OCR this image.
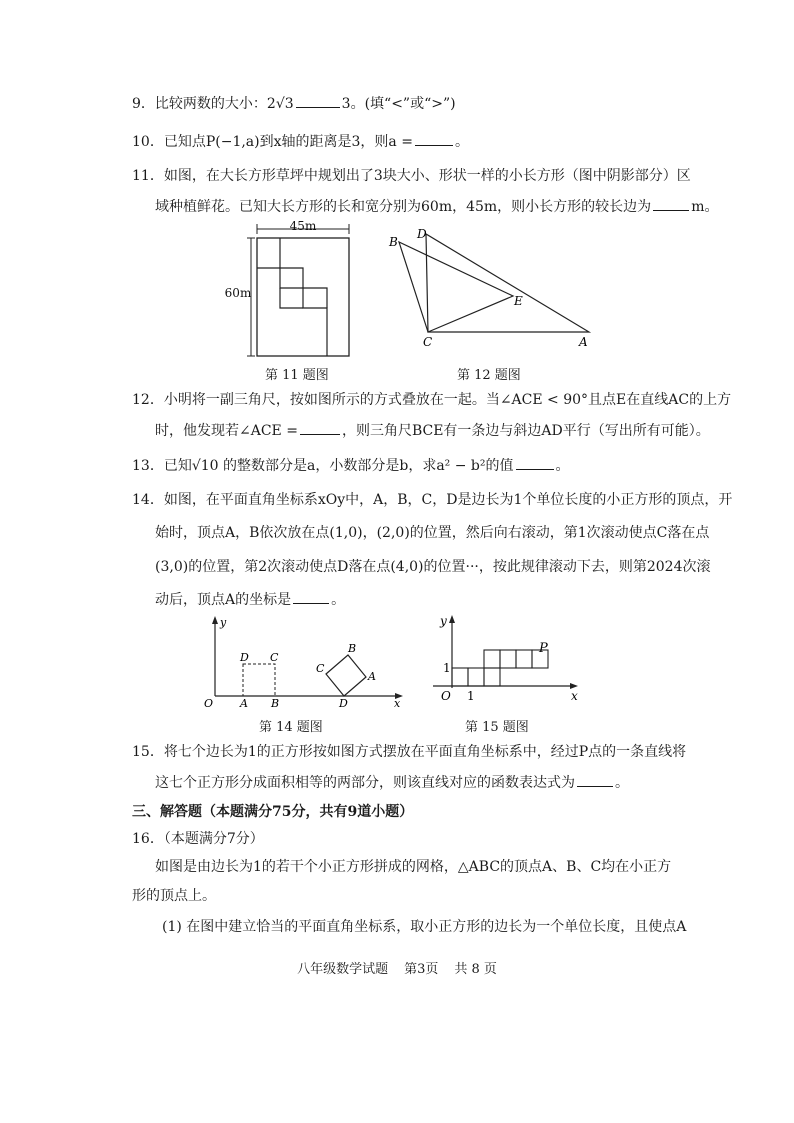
9．比较两数的大小：2√3	3。(填“<”或“>”)
10．已知点P(−1,a)到x轴的距离是3，则a =	。
11．如图，在大长方形草坪中规划出了3块大小、形状一样的小长方形（图中阴影部分）区
域种植鲜花。已知大长方形的长和宽分别为60m，45m，则小长方形的较长边为	m。
45m
60m
第 11 题图
B
D
E
C	A
第 12 题图
12．小明将一副三角尺，按如图所示的方式叠放在一起。当∠ACE < 90°且点E在直线AC的上方
时，他发现若∠ACE =	，则三角尺BCE有一条边与斜边AD平行（写出所有可能）。
13．已知√10 的整数部分是a，小数部分是b，求a² − b²的值	。
14．如图，在平面直角坐标系xOy中，A，B，C，D是边长为1个单位长度的小正方形的顶点，开
始时，顶点A，B依次放在点(1,0)，(2,0)的位置，然后向右滚动，第1次滚动使点C落在点
(3,0)的位置，第2次滚动使点D落在点(4,0)的位置···，按此规律滚动下去，则第2024次滚
动后，顶点A的坐标是	。
y
x
O A B
D C
D
A
B
C
第 14 题图
y
x
O
1
1
P
第 15 题图
15．将七个边长为1的正方形按如图方式摆放在平面直角坐标系中，经过P点的一条直线将
这七个正方形分成面积相等的两部分，则该直线对应的函数表达式为	。
三、解答题（本题满分75分，共有9道小题）
16．（本题满分7分）
如图是由边长为1的若干个小正方形拼成的网格，△ABC的顶点A、B、C均在小正方
形的顶点上。
(1) 在图中建立恰当的平面直角坐标系，取小正方形的边长为一个单位长度，且使点A
八年级数学试题 第3页 共 8 页
